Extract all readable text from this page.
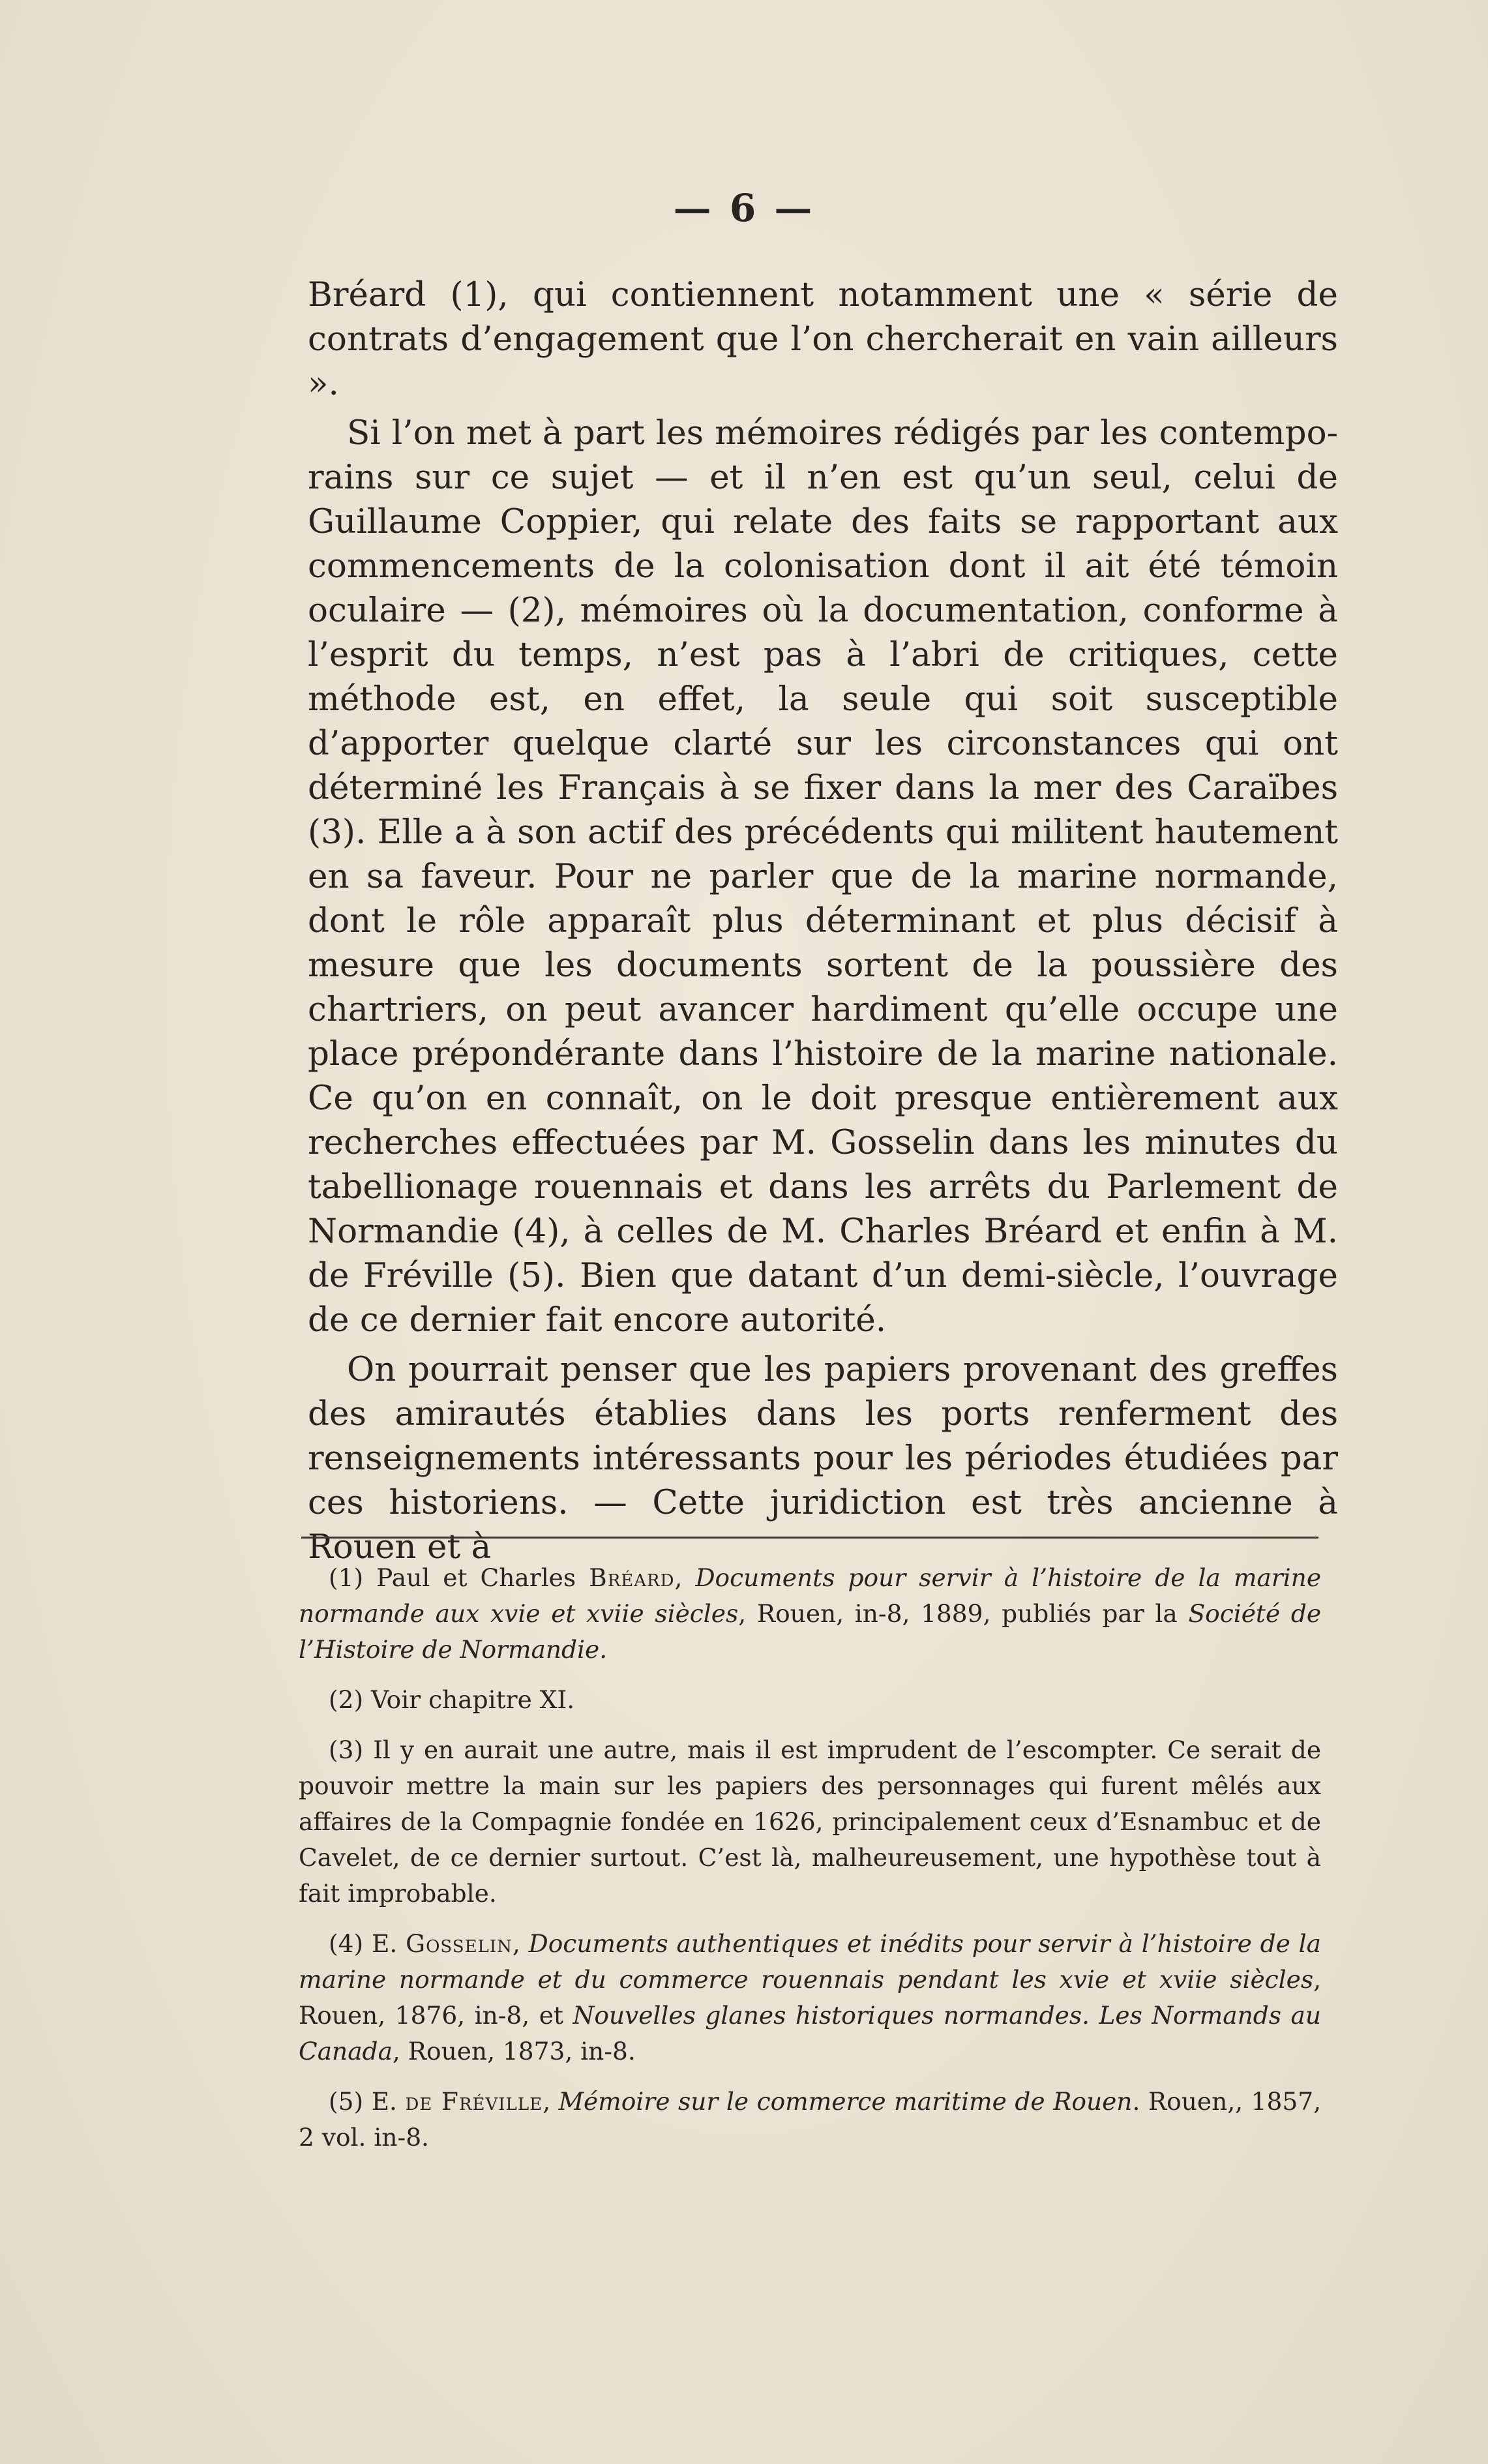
— 6 —

Bréard (1), qui contiennent notamment une « série de contrats d’engagement que l’on chercherait en vain ailleurs ».

Si l’on met à part les mémoires rédigés par les contemporains sur ce sujet — et il n’en est qu’un seul, celui de Guillaume Coppier, qui relate des faits se rapportant aux commencements de la colonisation dont il ait été témoin oculaire — (2), mémoires où la documentation, conforme à l’esprit du temps, n’est pas à l’abri de critiques, cette méthode est, en effet, la seule qui soit susceptible d’apporter quelque clarté sur les circonstances qui ont déterminé les Français à se fixer dans la mer des Caraïbes (3). Elle a à son actif des précédents qui militent hautement en sa faveur. Pour ne parler que de la marine normande, dont le rôle apparaît plus déterminant et plus décisif à mesure que les documents sortent de la poussière des chartriers, on peut avancer hardiment qu’elle occupe une place prépondérante dans l’histoire de la marine nationale. Ce qu’on en connaît, on le doit presque entièrement aux recherches effectuées par M. Gosselin dans les minutes du tabellionage rouennais et dans les arrêts du Parlement de Normandie (4), à celles de M. Charles Bréard et enfin à M. de Fréville (5). Bien que datant d’un demi-siècle, l’ouvrage de ce dernier fait encore autorité.

On pourrait penser que les papiers provenant des greffes des amirautés établies dans les ports renferment des renseignements intéressants pour les périodes étudiées par ces historiens. — Cette juridiction est très ancienne à Rouen et à

(1) Paul et Charles Bréard, Documents pour servir à l’histoire de la marine normande aux xvie et xviie siècles, Rouen, in-8, 1889, publiés par la Société de l’Histoire de Normandie.

(2) Voir chapitre XI.

(3) Il y en aurait une autre, mais il est imprudent de l’escompter. Ce serait de pouvoir mettre la main sur les papiers des personnages qui furent mêlés aux affaires de la Compagnie fondée en 1626, principalement ceux d’Esnambuc et de Cavelet, de ce dernier surtout. C’est là, malheureusement, une hypothèse tout à fait improbable.

(4) E. Gosselin, Documents authentiques et inédits pour servir à l’histoire de la marine normande et du commerce rouennais pendant les xvie et xviie siècles, Rouen, 1876, in-8, et Nouvelles glanes historiques normandes. Les Normands au Canada, Rouen, 1873, in-8.

(5) E. de Fréville, Mémoire sur le commerce maritime de Rouen. Rouen,, 1857, 2 vol. in-8.
